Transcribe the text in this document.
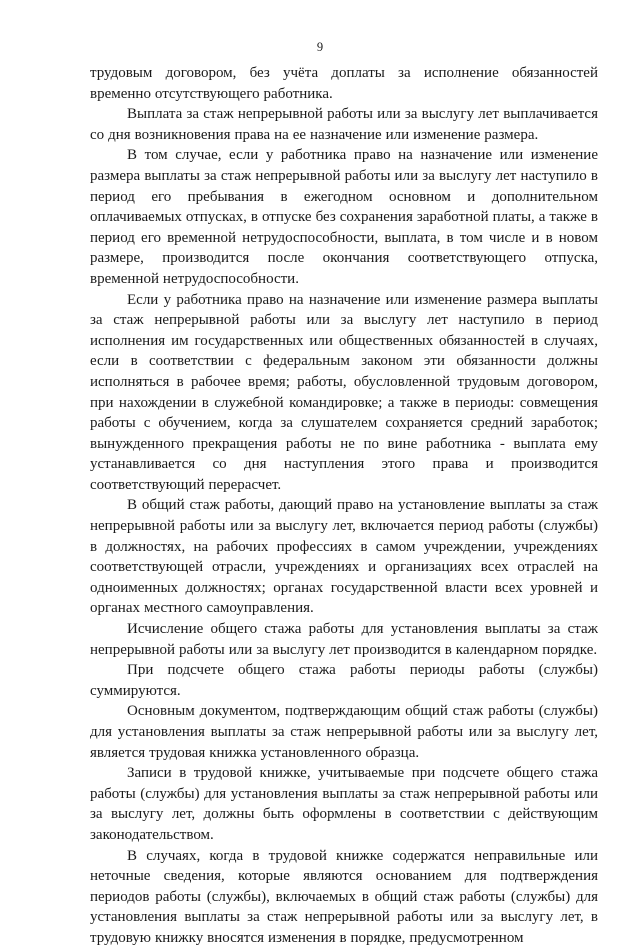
9

трудовым договором, без учёта доплаты за исполнение обязанностей временно отсутствующего работника.

Выплата за стаж непрерывной работы или за выслугу лет выплачивается со дня возникновения права на ее назначение или изменение размера.

В том случае, если у работника право на назначение или изменение размера выплаты за стаж непрерывной работы или за выслугу лет наступило в период его пребывания в ежегодном основном и дополнительном оплачиваемых отпусках, в отпуске без сохранения заработной платы, а также в период его временной нетрудоспособности, выплата, в том числе и в новом размере, производится после окончания соответствующего отпуска, временной нетрудоспособности.

Если у работника право на назначение или изменение размера выплаты за стаж непрерывной работы или за выслугу лет наступило в период исполнения им государственных или общественных обязанностей в случаях, если в соответствии с федеральным законом эти обязанности должны исполняться в рабочее время; работы, обусловленной трудовым договором, при нахождении в служебной командировке; а также в периоды: совмещения работы с обучением, когда за слушателем сохраняется средний заработок; вынужденного прекращения работы не по вине работника - выплата ему устанавливается со дня наступления этого права и производится соответствующий перерасчет.

В общий стаж работы, дающий право на установление выплаты за стаж непрерывной работы или за выслугу лет, включается период работы (службы) в должностях, на рабочих профессиях в самом учреждении, учреждениях соответствующей отрасли, учреждениях и организациях всех отраслей на одноименных должностях; органах государственной власти всех уровней и органах местного самоуправления.

Исчисление общего стажа работы для установления выплаты за стаж непрерывной работы или за выслугу лет производится в календарном порядке.

При подсчете общего стажа работы периоды работы (службы) суммируются.

Основным документом, подтверждающим общий стаж работы (службы) для установления выплаты за стаж непрерывной работы или за выслугу лет, является трудовая книжка установленного образца.

Записи в трудовой книжке, учитываемые при подсчете общего стажа работы (службы) для установления выплаты за стаж непрерывной работы или за выслугу лет, должны быть оформлены в соответствии с действующим законодательством.

В случаях, когда в трудовой книжке содержатся неправильные или неточные сведения, которые являются основанием для подтверждения периодов работы (службы), включаемых в общий стаж работы (службы) для установления выплаты за стаж непрерывной работы или за выслугу лет, в трудовую книжку вносятся изменения в порядке, предусмотренном
